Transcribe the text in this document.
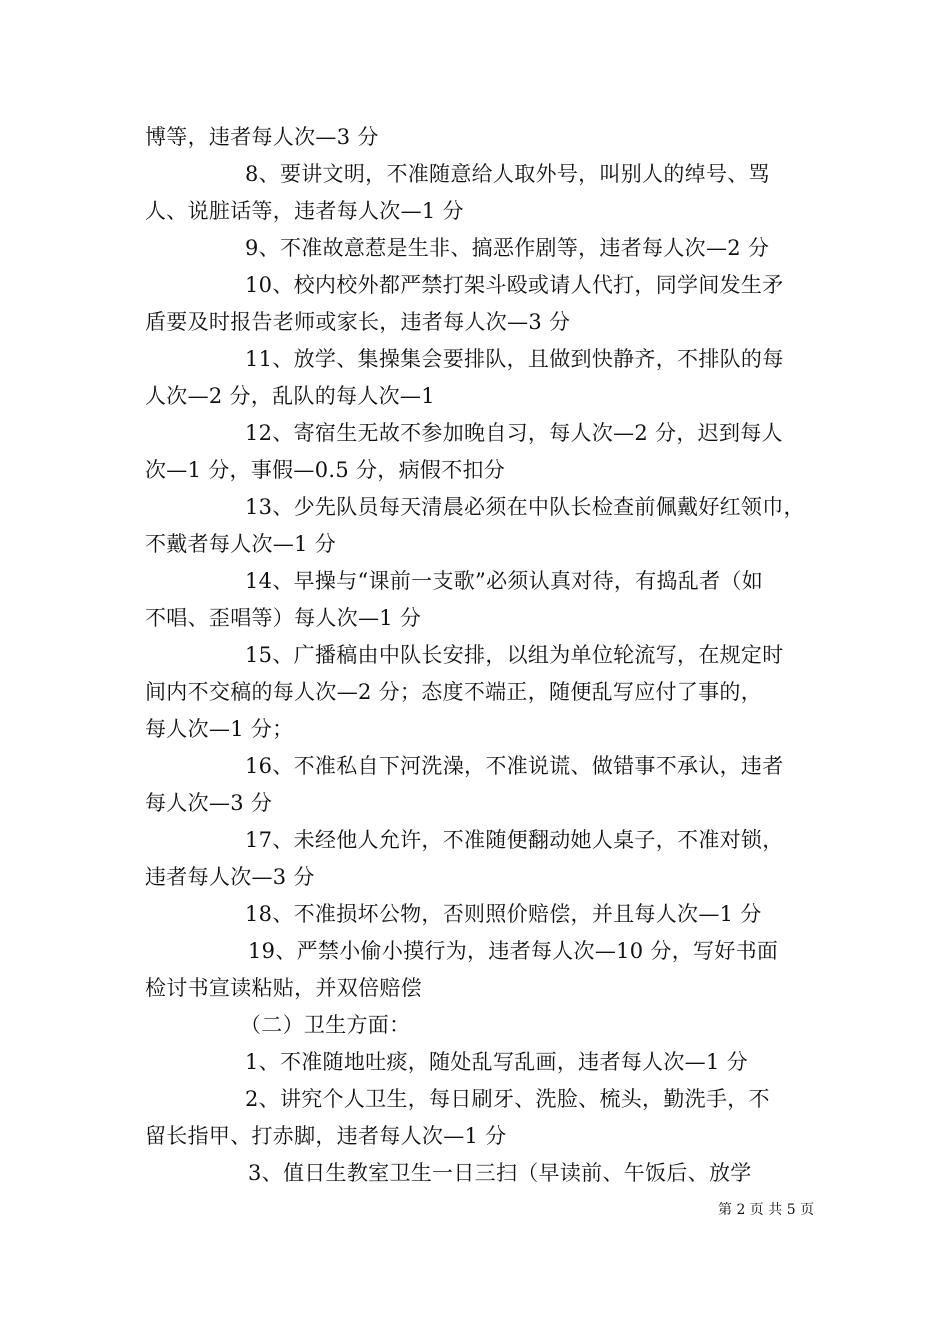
博等，违者每人次—3 分
8、要讲文明，不准随意给人取外号，叫别人的绰号、骂
人、说脏话等，违者每人次—1 分
9、不准故意惹是生非、搞恶作剧等，违者每人次—2 分
10、校内校外都严禁打架斗殴或请人代打，同学间发生矛
盾要及时报告老师或家长，违者每人次—3 分
11、放学、集操集会要排队，且做到快静齐，不排队的每
人次—2 分，乱队的每人次—1
12、寄宿生无故不参加晚自习，每人次—2 分，迟到每人
次—1 分，事假—0.5 分，病假不扣分
13、少先队员每天清晨必须在中队长检查前佩戴好红领巾，
不戴者每人次—1 分
14、早操与“课前一支歌”必须认真对待，有捣乱者（如
不唱、歪唱等）每人次—1 分
15、广播稿由中队长安排，以组为单位轮流写，在规定时
间内不交稿的每人次—2 分；态度不端正，随便乱写应付了事的，
每人次—1 分；
16、不准私自下河洗澡，不准说谎、做错事不承认，违者
每人次—3 分
17、未经他人允许，不准随便翻动她人桌子，不准对锁，
违者每人次—3 分
18、不准损坏公物，否则照价赔偿，并且每人次—1 分
19、严禁小偷小摸行为，违者每人次—10 分，写好书面
检讨书宣读粘贴，并双倍赔偿
（二）卫生方面：
1、不准随地吐痰，随处乱写乱画，违者每人次—1 分
2、讲究个人卫生，每日刷牙、洗脸、梳头，勤洗手，不
留长指甲、打赤脚，违者每人次—1 分
3、值日生教室卫生一日三扫（早读前、午饭后、放学
第 2 页 共 5 页
